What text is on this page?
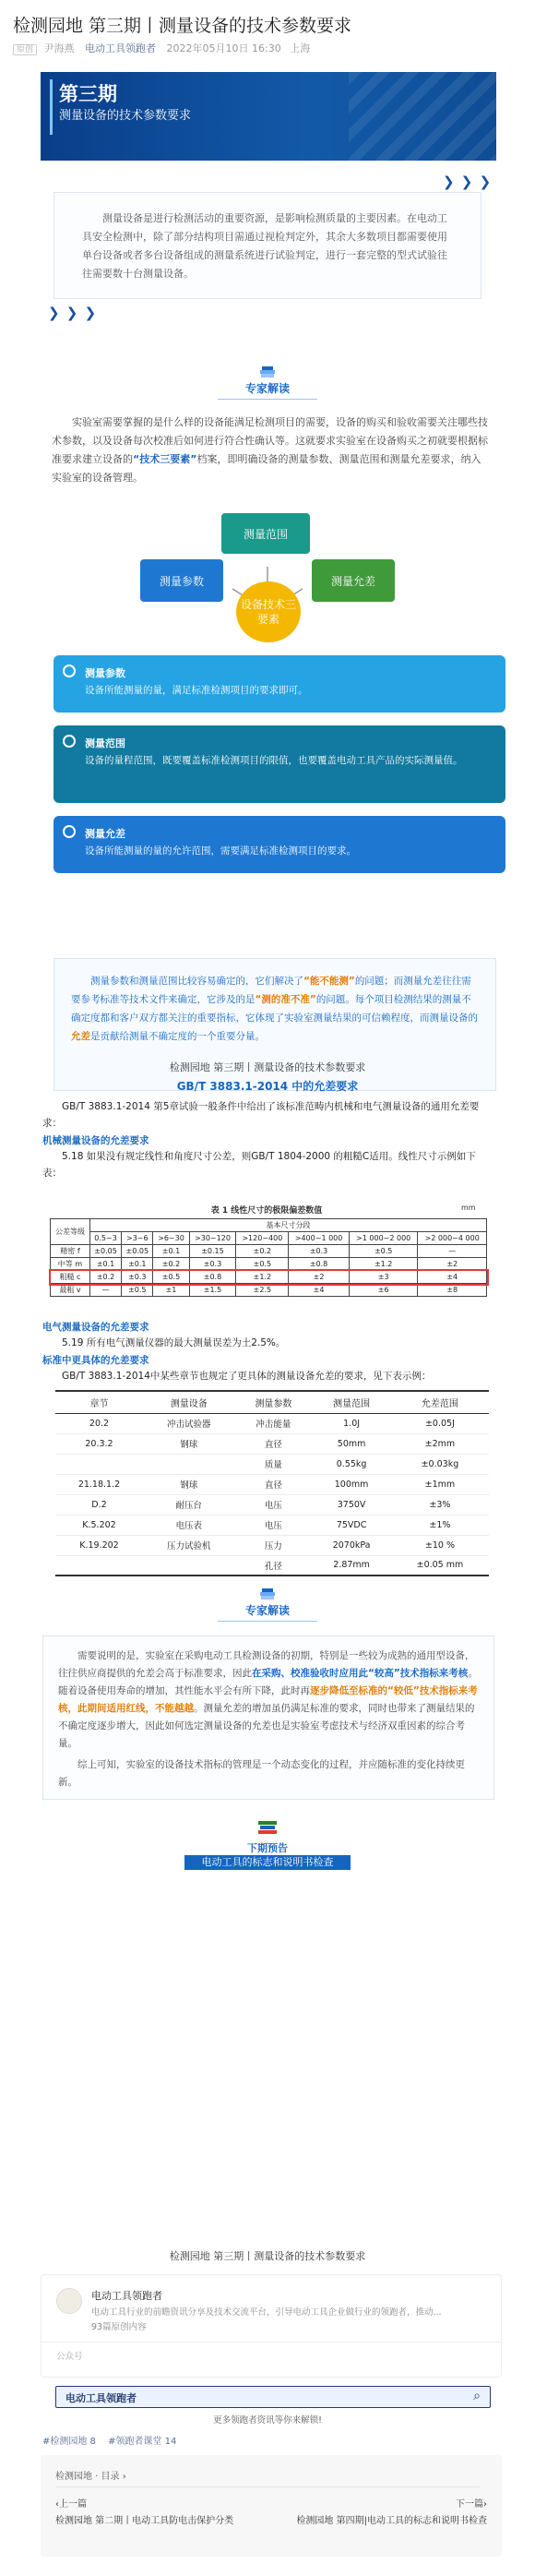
检测园地 第三期丨测量设备的技术参数要求
原创 尹海燕 电动工具领跑者 2022年05月10日 16:30 上海
第三期
测量设备的技术参数要求
❯ ❯ ❯
测量设备是进行检测活动的重要资源，是影响检测质量的主要因素。在电动工具安全检测中，除了部分结构项目需通过视检判定外，其余大多数项目都需要使用单台设备或者多台设备组成的测量系统进行试验判定，进行一套完整的型式试验往往需要数十台测量设备。
❯ ❯ ❯
专家解读
实验室需要掌握的是什么样的设备能满足检测项目的需要，设备的购买和验收需要关注哪些技术参数，以及设备每次校准后如何进行符合性确认等。这就要求实验室在设备购买之初就要根据标准要求建立设备的“技术三要素”档案，即明确设备的测量参数、测量范围和测量允差要求，纳入实验室的设备管理。
测量范围
测量参数	测量允差
设备技术三要素
测量参数
设备所能测量的量，满足标准检测项目的要求即可。
测量范围
设备的量程范围，既要覆盖标准检测项目的限值，也要覆盖电动工具产品的实际测量值。
测量允差
设备所能测量的量的允许范围，需要满足标准检测项目的要求。
测量参数和测量范围比较容易确定的，它们解决了“能不能测”的问题；而测量允差往往需要参考标准等技术文件来确定，它涉及的是“测的准不准”的问题。每个项目检测结果的测量不确定度都和客户双方都关注的重要指标，它体现了实验室测量结果的可信赖程度，而测量设备的允差是贡献给测量不确定度的一个重要分量。
检测园地 第三期丨测量设备的技术参数要求
GB/T 3883.1-2014 中的允差要求
GB/T 3883.1-2014 第5章试验一般条件中给出了该标准范畴内机械和电气测量设备的通用允差要求：
机械测量设备的允差要求
5.18 如果没有规定线性和角度尺寸公差，则GB/T 1804-2000 的粗糙C适用。线性尺寸示例如下表：
表 1 线性尺寸的极限偏差数值	mm
公差等级	基本尺寸分段							
	0.5~3	>3~6	>6~30	>30~120	>120~400	>400~1 000	>1 000~2 000	>2 000~4 000
精密 f	±0.05	±0.05	±0.1	±0.15	±0.2	±0.3	±0.5	—
中等 m	±0.1	±0.1	±0.2	±0.3	±0.5	±0.8	±1.2	±2
粗糙 c	±0.2	±0.3	±0.5	±0.8	±1.2	±2	±3	±4
最粗 v	—	±0.5	±1	±1.5	±2.5	±4	±6	±8
电气测量设备的允差要求
5.19 所有电气测量仪器的最大测量误差为土2.5%。
标准中更具体的允差要求
GB/T 3883.1-2014中某些章节也规定了更具体的测量设备允差的要求，见下表示例：
章节	测量设备	测量参数	测量范围	允差范围
20.2	冲击试验器	冲击能量	1.0J	±0.05J
20.3.2	钢球	直径	50mm	±2mm
		质量	0.55kg	±0.03kg
21.18.1.2	钢球	直径	100mm	±1mm
D.2	耐压台	电压	3750V	±3%
K.5.202	电压表	电压	75VDC	±1%
K.19.202	压力试验机	压力	2070kPa	±10 %
		孔径	2.87mm	±0.05 mm
专家解读
需要说明的是，实验室在采购电动工具检测设备的初期，特别是一些较为成熟的通用型设备，往往供应商提供的允差会高于标准要求，因此在采购、校准验收时应用此“较高”技术指标来考核。随着设备使用寿命的增加，其性能水平会有所下降，此时再逐步降低至标准的“较低”技术指标来考核，此期间适用红线，不能越越。测量允差的增加虽仍满足标准的要求，同时也带来了测量结果的不确定度逐步增大，因此如何选定测量设备的允差也是实验室考虑技术与经济双重因素的综合考量。
综上可知，实验室的设备技术指标的管理是一个动态变化的过程，并应随标准的变化持续更新。
下期预告
电动工具的标志和说明书检查
检测园地 第三期丨测量设备的技术参数要求
电动工具领跑者
电动工具行业的前瞻资讯分享及技术交流平台，引导电动工具企业做行业的领跑者，推动...
93篇原创内容
公众号
电动工具领跑者	⌕
更多领跑者资讯等你来解锁!
#检测园地 8 #领跑者课堂 14
检测园地 · 目录 ›
‹上一篇
检测园地 第二期丨电动工具防电击保护分类
下一篇›
检测园地 第四期|电动工具的标志和说明书检查
